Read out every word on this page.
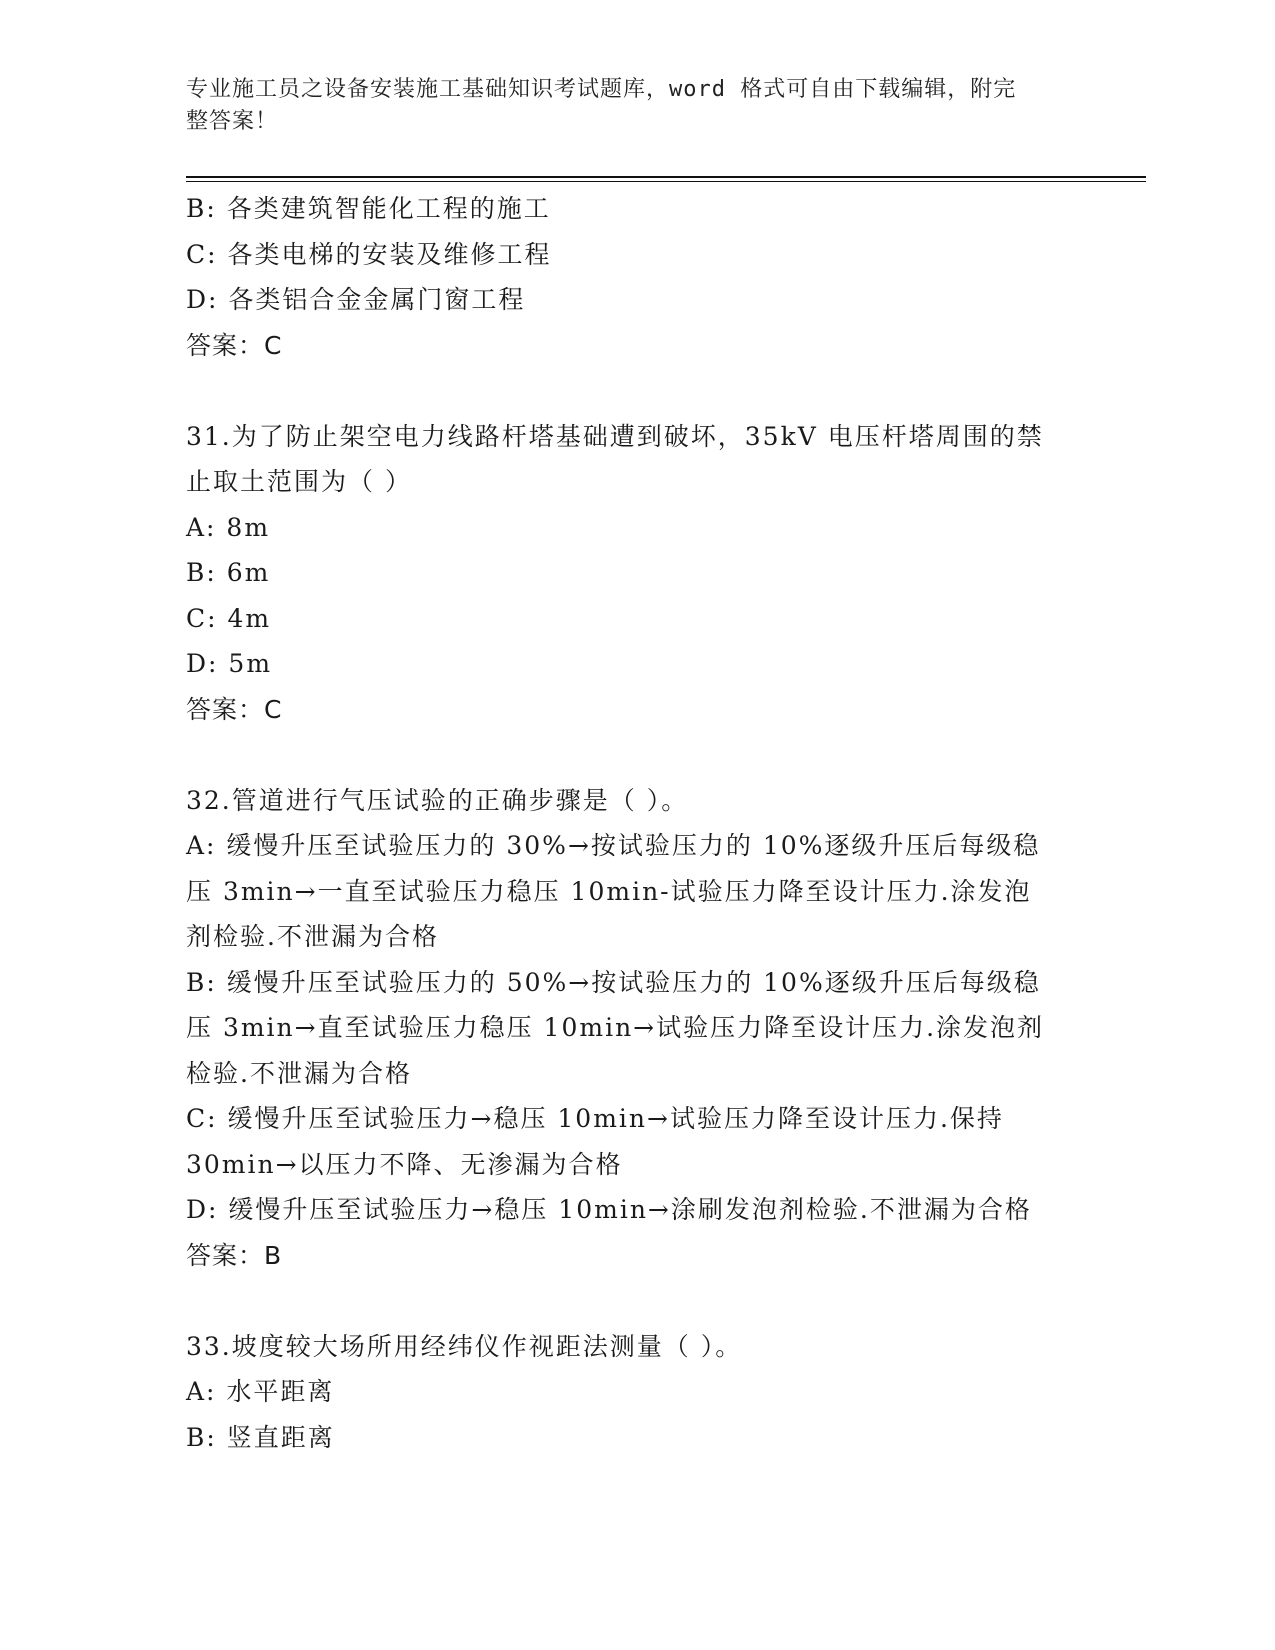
专业施工员之设备安装施工基础知识考试题库，word 格式可自由下载编辑，附完
整答案！
B: 各类建筑智能化工程的施工
C: 各类电梯的安装及维修工程
D: 各类铝合金金属门窗工程
答案：C
31.为了防止架空电力线路杆塔基础遭到破坏，35kV 电压杆塔周围的禁
止取土范围为（ ）
A: 8m
B: 6m
C: 4m
D: 5m
答案：C
32.管道进行气压试验的正确步骤是（ ）。
A: 缓慢升压至试验压力的 30%→按试验压力的 10%逐级升压后每级稳
压 3min→一直至试验压力稳压 10min-试验压力降至设计压力.涂发泡
剂检验.不泄漏为合格
B: 缓慢升压至试验压力的 50%→按试验压力的 10%逐级升压后每级稳
压 3min→直至试验压力稳压 10min→试验压力降至设计压力.涂发泡剂
检验.不泄漏为合格
C: 缓慢升压至试验压力→稳压 10min→试验压力降至设计压力.保持
30min→以压力不降、无渗漏为合格
D: 缓慢升压至试验压力→稳压 10min→涂刷发泡剂检验.不泄漏为合格
答案：B
33.坡度较大场所用经纬仪作视距法测量（ ）。
A: 水平距离
B: 竖直距离
